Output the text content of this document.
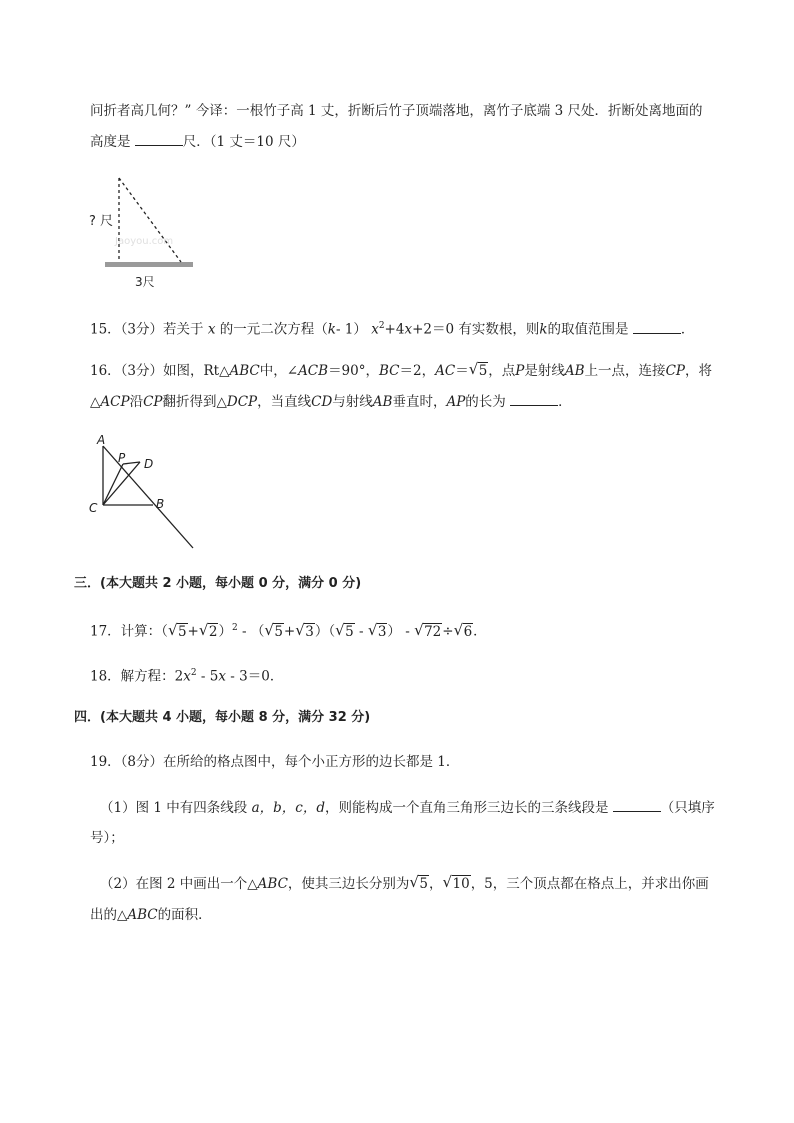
问折者高几何？” 今译：一根竹子高 1 丈，折断后竹子顶端落地，离竹子底端 3 尺处．折断处离地面的
高度是	尺．（1 丈＝10 尺）
? 尺
Jaoyou.com
3尺
15．（3分）若关于 x 的一元二次方程（k- 1） $x^2+4x+2=0$ 有实数根，则k的取值范围是	．
16．（3分）如图，Rt△ABC中，∠ACB＝90°，BC＝2，AC＝ √ 5，点P是射线AB上一点，连接CP，将
△ACP沿CP翻折得到△DCP，当直线CD与射线AB垂直时，AP的长为	．
A
P D
C	B
三．(本大题共 2 小题，每小题 0 分，满分 0 分)
17．计算：（ √ 5+ √ 2）$^2$ - （ √ 5+ √ 3）（ √ 5 - √ 3） - √ 72÷ √ 6．
18．解方程：$2x^2 - 5x - 3=0$．
四．(本大题共 4 小题，每小题 8 分，满分 32 分)
19．（8分）在所给的格点图中，每个小正方形的边长都是 1．
（1）图 1 中有四条线段 a，b，c，d，则能构成一个直角三角形三边长的三条线段是	（只填序
号）；
（2）在图 2 中画出一个△ABC，使其三边长分别为 √ 5， √ 10，5，三个顶点都在格点上，并求出你画
出的△ABC的面积．
